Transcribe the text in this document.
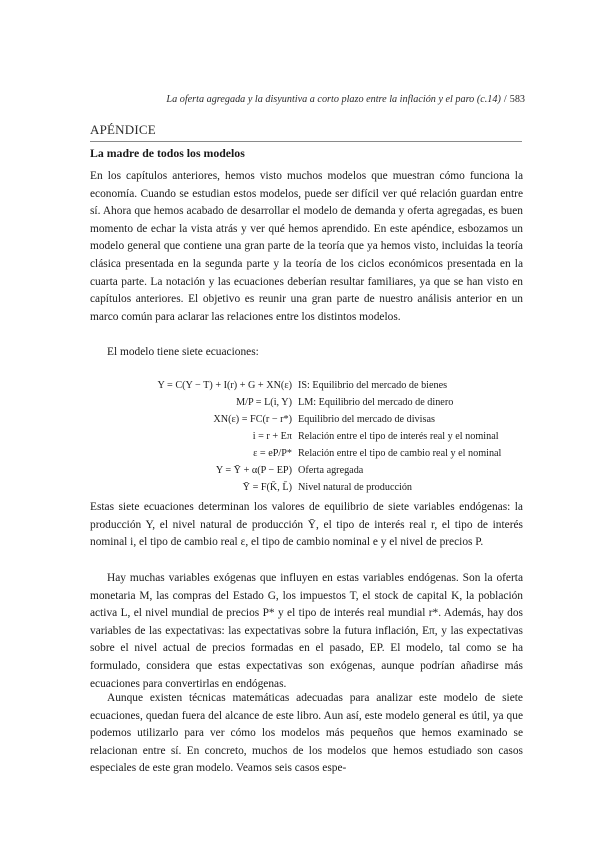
La oferta agregada y la disyuntiva a corto plazo entre la inflación y el paro (c.14) / 583
APÉNDICE
La madre de todos los modelos

En los capítulos anteriores, hemos visto muchos modelos que muestran cómo funciona la economía. Cuando se estudian estos modelos, puede ser difícil ver qué relación guardan entre sí. Ahora que hemos acabado de desarrollar el modelo de demanda y oferta agregadas, es buen momento de echar la vista atrás y ver qué hemos aprendido. En este apéndice, esbozamos un modelo general que contiene una gran parte de la teoría que ya hemos visto, incluidas la teoría clásica presentada en la segunda parte y la teoría de los ciclos económicos presentada en la cuarta parte. La notación y las ecuaciones deberían resultar familiares, ya que se han visto en capítulos anteriores. El objetivo es reunir una gran parte de nuestro análisis anterior en un marco común para aclarar las relaciones entre los distintos modelos.

El modelo tiene siete ecuaciones:

Y = C(Y − T) + I(r) + G + XN(ε) IS: Equilibrio del mercado de bienes
M/P = L(i, Y) LM: Equilibrio del mercado de dinero
XN(ε) = FC(r − r*) Equilibrio del mercado de divisas
i = r + Eπ Relación entre el tipo de interés real y el nominal
ε = eP/P* Relación entre el tipo de cambio real y el nominal
Y = Ȳ + α(P − EP) Oferta agregada
Ȳ = F(K̄, L̄) Nivel natural de producción

Estas siete ecuaciones determinan los valores de equilibrio de siete variables endógenas: la producción Y, el nivel natural de producción Ȳ, el tipo de interés real r, el tipo de interés nominal i, el tipo de cambio real ε, el tipo de cambio nominal e y el nivel de precios P.

Hay muchas variables exógenas que influyen en estas variables endógenas. Son la oferta monetaria M, las compras del Estado G, los impuestos T, el stock de capital K, la población activa L, el nivel mundial de precios P* y el tipo de interés real mundial r*. Además, hay dos variables de las expectativas: las expectativas sobre la futura inflación, Eπ, y las expectativas sobre el nivel actual de precios formadas en el pasado, EP. El modelo, tal como se ha formulado, considera que estas expectativas son exógenas, aunque podrían añadirse más ecuaciones para convertirlas en endógenas.

Aunque existen técnicas matemáticas adecuadas para analizar este modelo de siete ecuaciones, quedan fuera del alcance de este libro. Aun así, este modelo general es útil, ya que podemos utilizarlo para ver cómo los modelos más pequeños que hemos examinado se relacionan entre sí. En concreto, muchos de los modelos que hemos estudiado son casos especiales de este gran modelo. Veamos seis casos espe-
